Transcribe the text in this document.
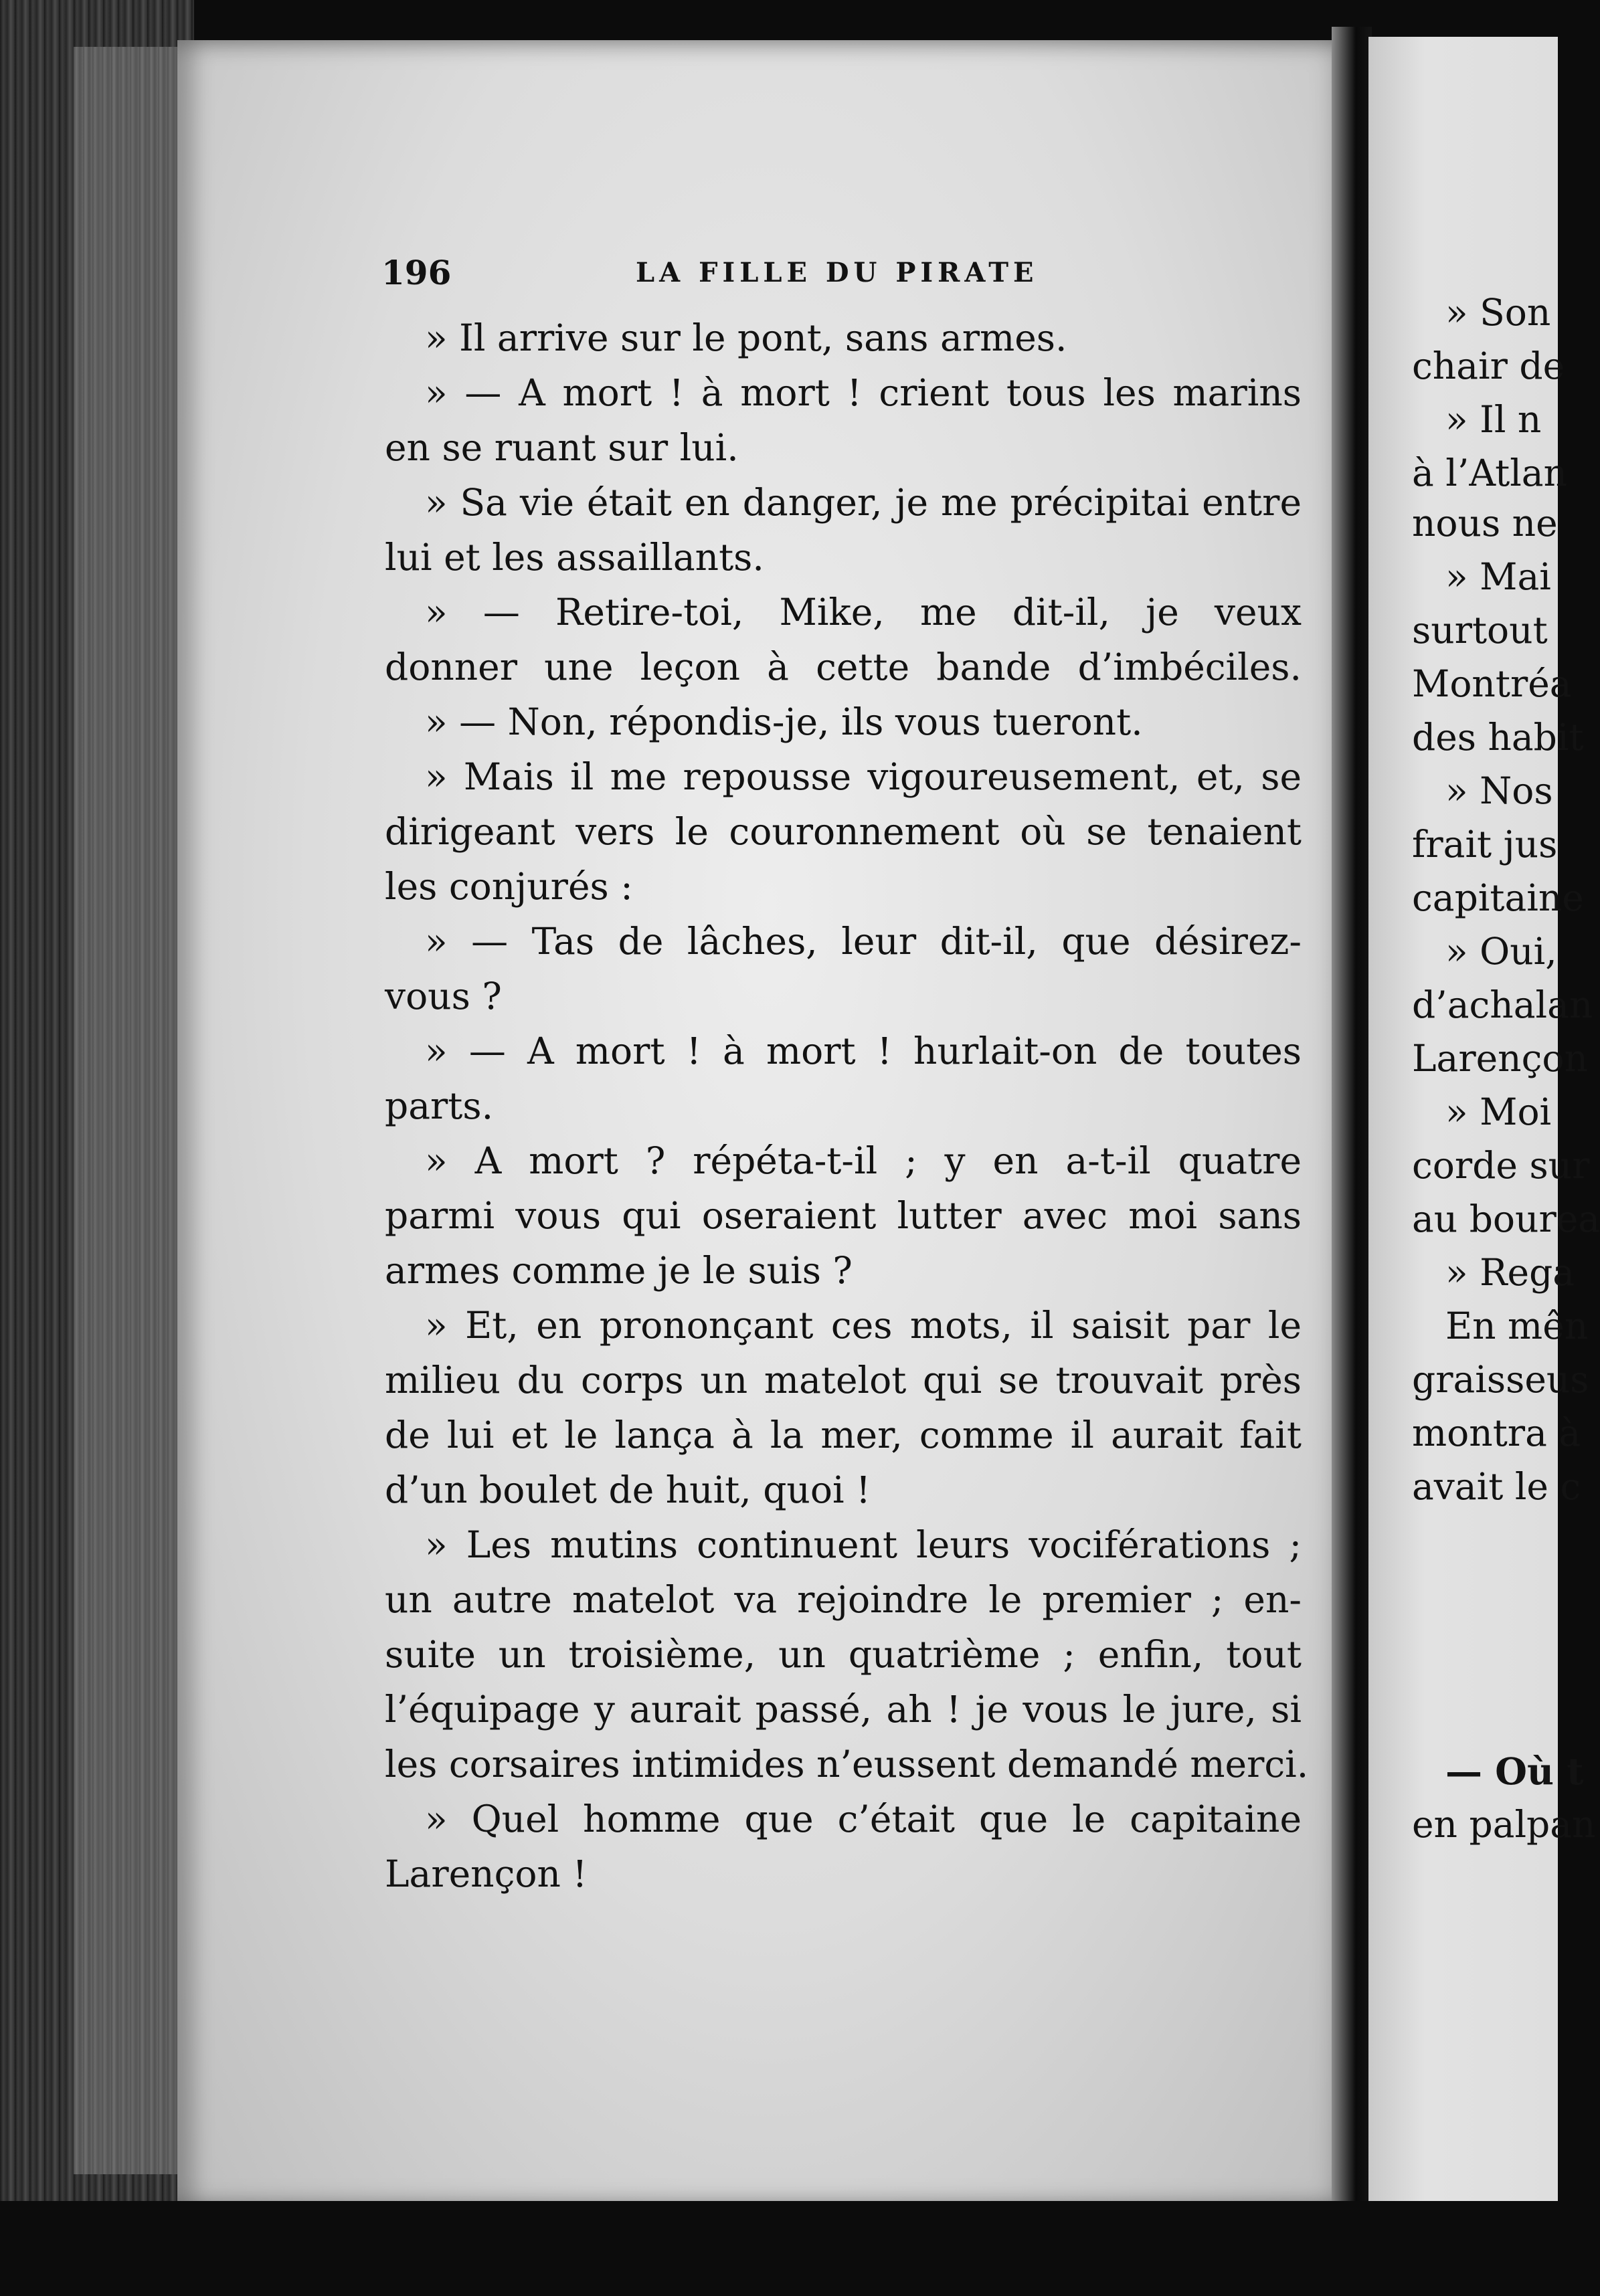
196	LA FILLE DU PIRATE
» Il arrive sur le pont, sans armes.
» — A mort ! à mort ! crient tous les marins
en se ruant sur lui.
» Sa vie était en danger, je me précipitai entre
lui et les assaillants.
» — Retire-toi, Mike, me dit-il, je veux
donner une leçon à cette bande d’imbéciles.
» — Non, répondis-je, ils vous tueront.
» Mais il me repousse vigoureusement, et, se
dirigeant vers le couronnement où se tenaient
les conjurés :
» — Tas de lâches, leur dit-il, que désirez-
vous ?
» — A mort ! à mort ! hurlait-on de toutes
parts.
» A mort ? répéta-t-il ; y en a-t-il quatre
parmi vous qui oseraient lutter avec moi sans
armes comme je le suis ?
» Et, en prononçant ces mots, il saisit par le
milieu du corps un matelot qui se trouvait près
de lui et le lança à la mer, comme il aurait fait
d’un boulet de huit, quoi !
» Les mutins continuent leurs vociférations ;
un autre matelot va rejoindre le premier ; en-
suite un troisième, un quatrième ; enfin, tout
l’équipage y aurait passé, ah ! je vous le jure, si
les corsaires intimides n’eussent demandé merci.
» Quel homme que c’était que le capitaine
Larençon !
» Son
chair de
» Il n
à l’Atlan
nous ne
» Mai
surtout
Montréa
des habit
» Nos
frait jus
capitaine
» Oui,
d’achalan
Larençon
» Moi
corde sur
au bourea
» Rega
En mên
graisseus
montra à
avait le c
— Où t
en palpan
